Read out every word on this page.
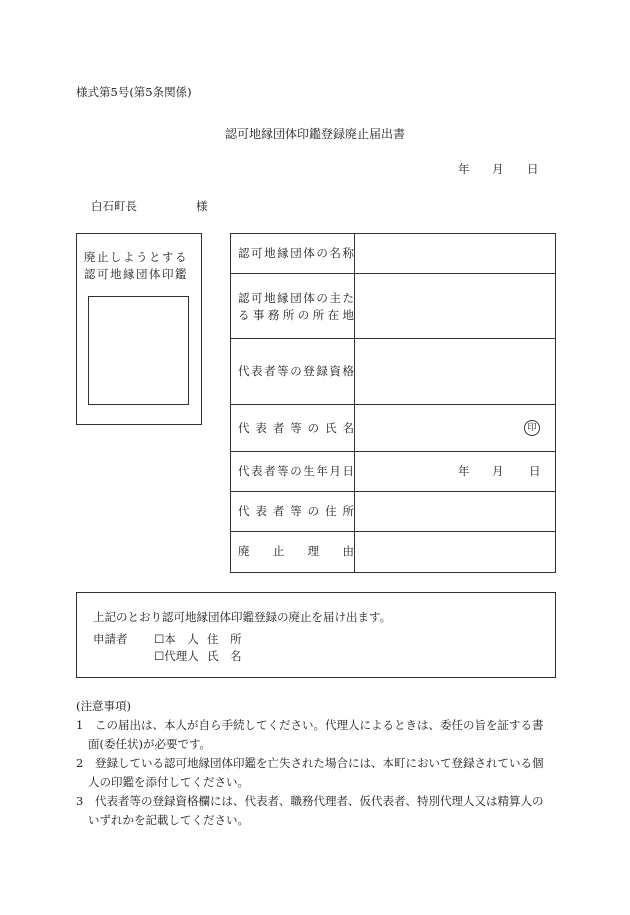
様式第5号(第5条関係)
認可地縁団体印鑑登録廃止届出書
年 月 日
白石町長	様
廃止しようとする
認可地縁団体印鑑
認可地縁団体の名称
認可地縁団体の主た
る事務所の所在地
代表者等の登録資格
代表者等の氏名	印
代表者等の生年月日	年 月 日
代表者等の住所
廃止理由
上記のとおり認可地縁団体印鑑登録の廃止を届け出ます。
申請者 ☐本　人 住　所
☐代理人 氏　名
(注意事項)
1 この届出は、本人が自ら手続してください。代理人によるときは、委任の旨を証する書
面(委任状)が必要です。
2 登録している認可地縁団体印鑑を亡失された場合には、本町において登録されている個
人の印鑑を添付してください。
3 代表者等の登録資格欄には、代表者、職務代理者、仮代表者、特別代理人又は精算人の
いずれかを記載してください。
